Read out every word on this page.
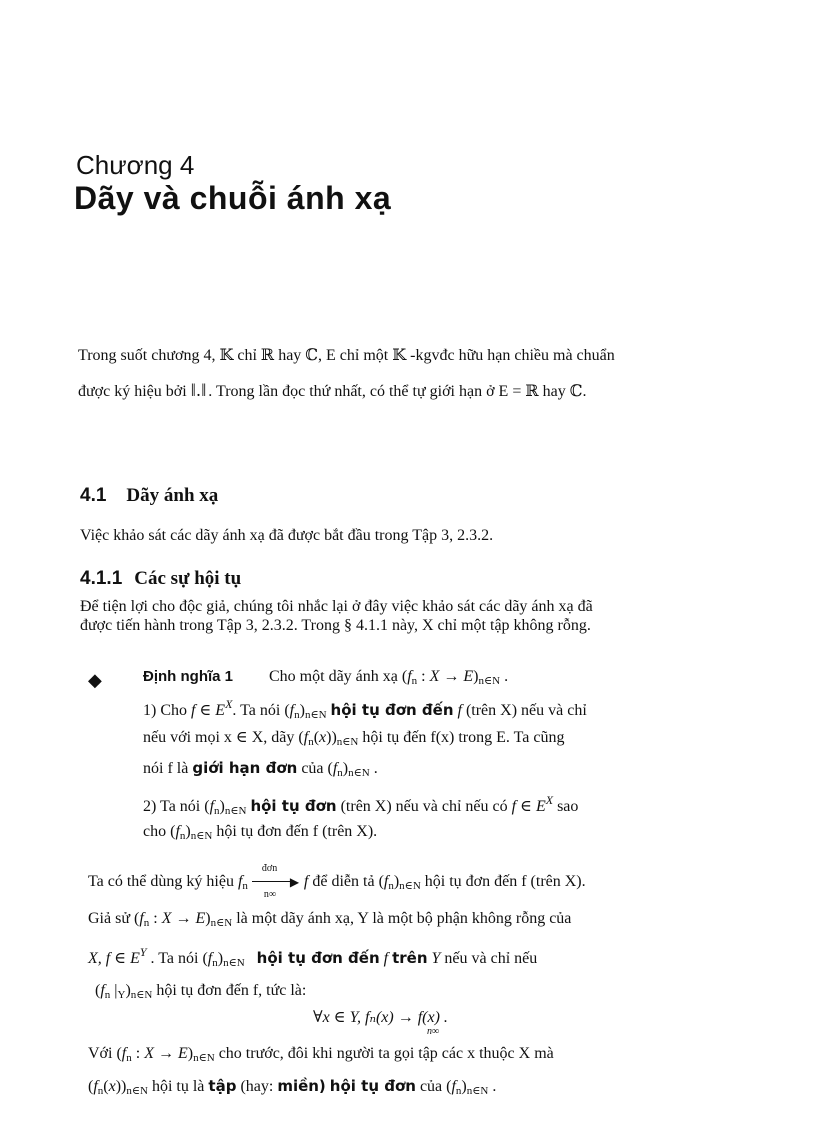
Chương 4
Dãy và chuỗi ánh xạ
Trong suốt chương 4, 𝕂 chỉ ℝ hay ℂ, E chỉ một 𝕂 -kgvđc hữu hạn chiều mà chuẩn
được ký hiệu bởi ‖ . ‖ . Trong lần đọc thứ nhất, có thể tự giới hạn ở E = ℝ hay ℂ.
4.1 Dãy ánh xạ
Việc khảo sát các dãy ánh xạ đã được bắt đầu trong Tập 3, 2.3.2.
4.1.1 Các sự hội tụ
Để tiện lợi cho độc giả, chúng tôi nhắc lại ở đây việc khảo sát các dãy ánh xạ đã
được tiến hành trong Tập 3, 2.3.2. Trong § 4.1.1 này, X chỉ một tập không rỗng.
◆	Định nghĩa 1 Cho một dãy ánh xạ ($f_n$ : $X \to E)_{n\in N}$ .
1) Cho f ∈ $E^X$. Ta nói $(f_n)_{n\in N}$ hội tụ đơn đến f (trên X) nếu và chỉ
nếu với mọi x ∈ X, dãy $(f_n(x))_{n\in N}$ hội tụ đến f(x) trong E. Ta cũng
nói f là giới hạn đơn của $(f_n)_{n\in N}$ .
2) Ta nói $(f_n)_{n\in N}$ hội tụ đơn (trên X) nếu và chỉ nếu có f ∈ $E^X$ sao
cho $(f_n)_{n\in N}$ hội tụ đơn đến f (trên X).
Ta có thể dùng ký hiệu $f_n$
đơn
▶
n∞
f để diễn tả $(f_n)_{n\in N}$ hội tụ đơn đến f (trên X).
Giả sử ($f_n$ : $X \to E)_{n\in N}$ là một dãy ánh xạ, Y là một bộ phận không rỗng của
X, f ∈ $E^Y$ . Ta nói $(f_n)_{n\in N}$ hội tụ đơn đến f trên Y nếu và chỉ nếu
($f_n$ $|_Y)_{n\in N}$ hội tụ đơn đến f, tức là:
∀x ∈ Y, fₙ(x) → f(x) .
n∞
Với ($f_n$ : $X \to E)_{n\in N}$ cho trước, đôi khi người ta gọi tập các x thuộc X mà
$(f_n(x))_{n\in N}$ hội tụ là tập (hay: miền) hội tụ đơn của $(f_n)_{n\in N}$ .
